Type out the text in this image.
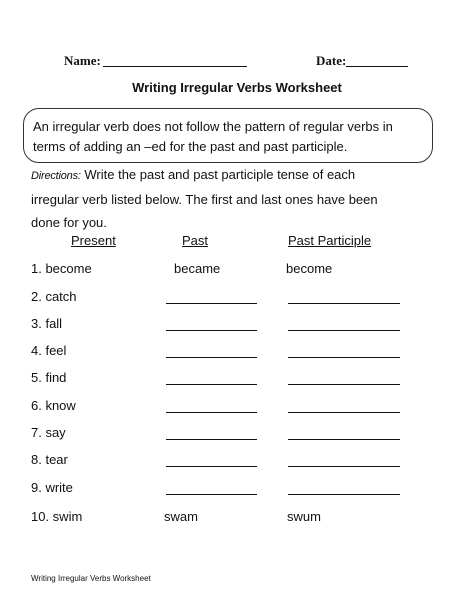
Name:	Date:
Writing Irregular Verbs Worksheet
An irregular verb does not follow the pattern of regular verbs in
terms of adding an –ed for the past and past participle.
Directions: Write the past and past participle tense of each
irregular verb listed below. The first and last ones have been
done for you.
Present	Past	Past Participle
1. become	became	become
2. catch
3. fall
4. feel
5. find
6. know
7. say
8. tear
9. write
10. swim	swam	swum
Writing Irregular Verbs Worksheet
